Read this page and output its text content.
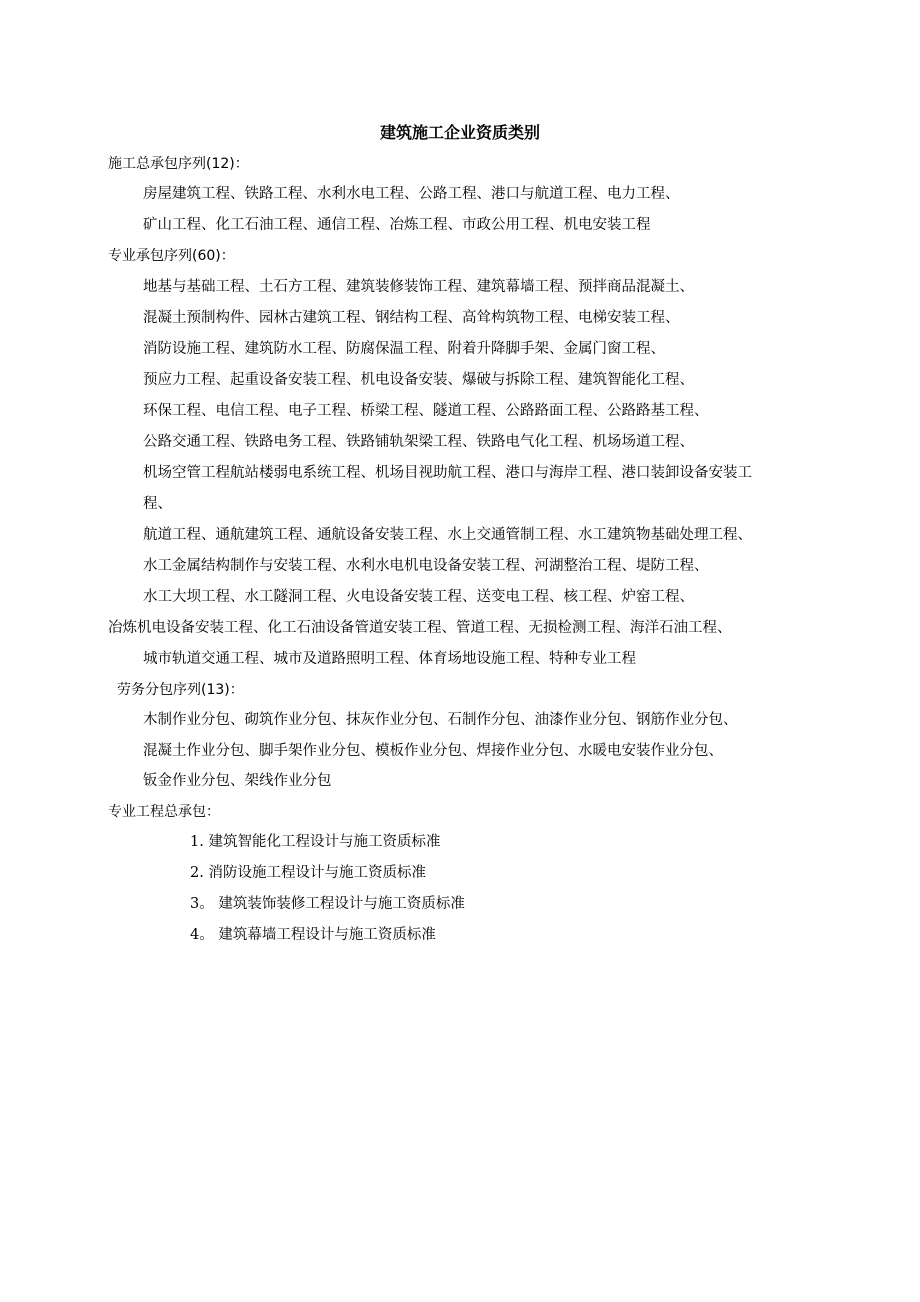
建筑施工企业资质类别
施工总承包序列(12)：
房屋建筑工程、铁路工程、水利水电工程、公路工程、港口与航道工程、电力工程、
矿山工程、化工石油工程、通信工程、冶炼工程、市政公用工程、机电安装工程
专业承包序列(60)：
地基与基础工程、土石方工程、建筑装修装饰工程、建筑幕墙工程、预拌商品混凝土、
混凝土预制构件、园林古建筑工程、钢结构工程、高耸构筑物工程、电梯安装工程、
消防设施工程、建筑防水工程、防腐保温工程、附着升降脚手架、金属门窗工程、
预应力工程、起重设备安装工程、机电设备安装、爆破与拆除工程、建筑智能化工程、
环保工程、电信工程、电子工程、桥梁工程、隧道工程、公路路面工程、公路路基工程、
公路交通工程、铁路电务工程、铁路铺轨架梁工程、铁路电气化工程、机场场道工程、
机场空管工程航站楼弱电系统工程、机场目视助航工程、港口与海岸工程、港口装卸设备安装工
程、
航道工程、通航建筑工程、通航设备安装工程、水上交通管制工程、水工建筑物基础处理工程、
水工金属结构制作与安装工程、水利水电机电设备安装工程、河湖整治工程、堤防工程、
水工大坝工程、水工隧洞工程、火电设备安装工程、送变电工程、核工程、炉窑工程、
冶炼机电设备安装工程、化工石油设备管道安装工程、管道工程、无损检测工程、海洋石油工程、
城市轨道交通工程、城市及道路照明工程、体育场地设施工程、特种专业工程
劳务分包序列(13)：
木制作业分包、砌筑作业分包、抹灰作业分包、石制作分包、油漆作业分包、钢筋作业分包、
混凝土作业分包、脚手架作业分包、模板作业分包、焊接作业分包、水暖电安装作业分包、
钣金作业分包、架线作业分包
专业工程总承包：
1. 建筑智能化工程设计与施工资质标准
2. 消防设施工程设计与施工资质标准
3。 建筑装饰装修工程设计与施工资质标准
4。 建筑幕墙工程设计与施工资质标准
